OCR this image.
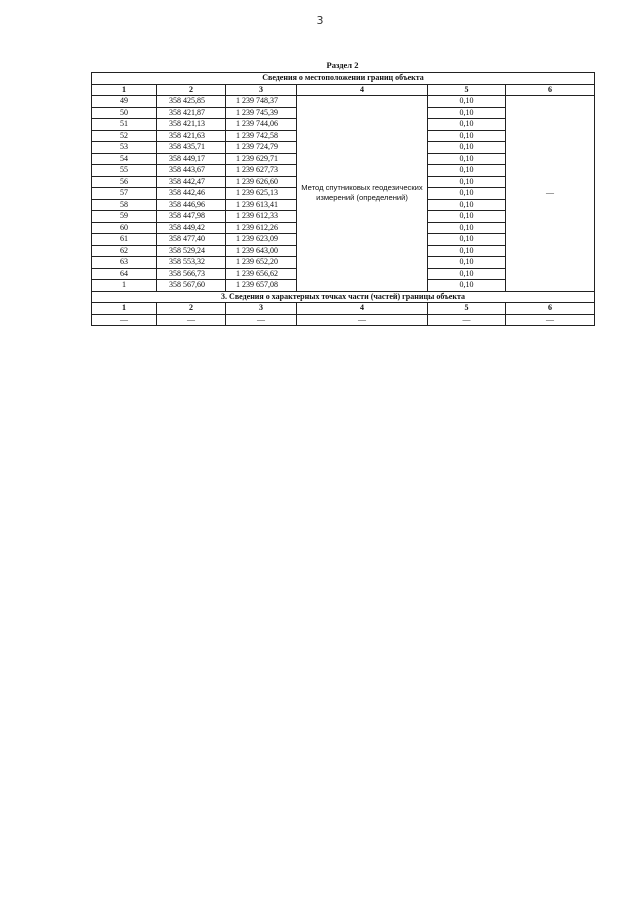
3
Раздел 2
Сведения о местоположении границ объекта					
1	2	3	4	5	6
49	358 425,85	1 239 748,37	Метод спутниковых геодезических измерений (определений)	0,10	—
50	358 421,87	1 239 745,39		0,10	
51	358 421,13	1 239 744,06		0,10	
52	358 421,63	1 239 742,58		0,10	
53	358 435,71	1 239 724,79		0,10	
54	358 449,17	1 239 629,71		0,10	
55	358 443,67	1 239 627,73		0,10	
56	358 442,47	1 239 626,60		0,10	
57	358 442,46	1 239 625,13		0,10	
58	358 446,96	1 239 613,41		0,10	
59	358 447,98	1 239 612,33		0,10	
60	358 449,42	1 239 612,26		0,10	
61	358 477,40	1 239 623,09		0,10	
62	358 529,24	1 239 643,00		0,10	
63	358 553,32	1 239 652,20		0,10	
64	358 566,73	1 239 656,62		0,10	
1	358 567,60	1 239 657,08		0,10	
3. Сведения о характерных точках части (частей) границы объекта					
1	2	3	4	5	6
—	—	—	—	—	—
